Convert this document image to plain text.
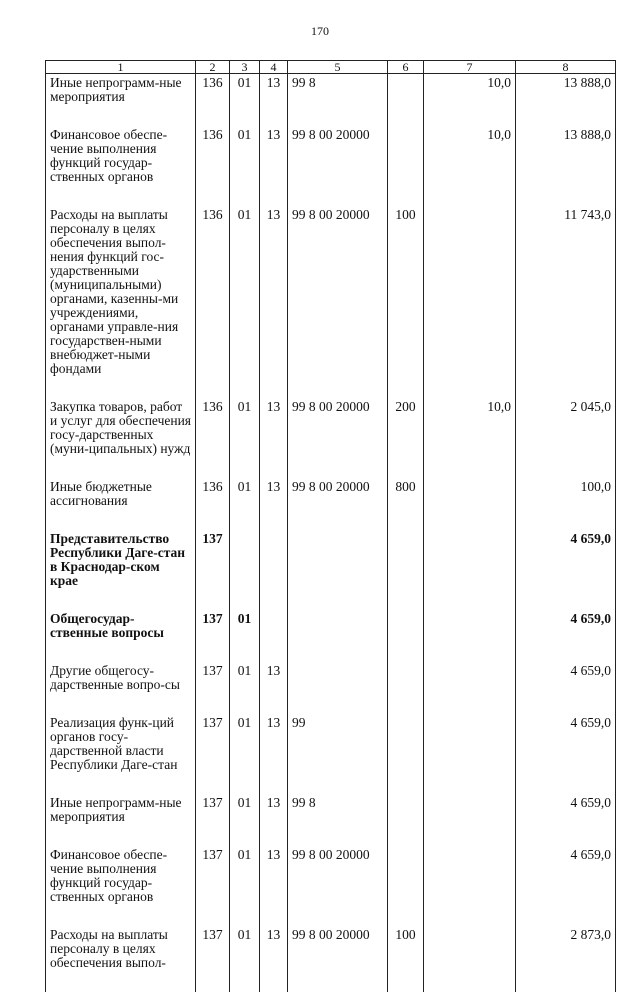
170
1	2	3	4	5	6	7	8
Иные непрограмм-ные мероприятия	136	01	13	99 8		10,0	13 888,0
Финансовое обеспе-чение выполнения функций государ-ственных органов	136	01	13	99 8 00 20000		10,0	13 888,0
Расходы на выплаты персоналу в целях обеспечения выпол-нения функций гос-ударственными (муниципальными) органами, казенны-ми учреждениями, органами управле-ния государствен-ными внебюджет-ными фондами	136	01	13	99 8 00 20000	100		11 743,0
Закупка товаров, работ и услуг для обеспечения госу-дарственных (муни-ципальных) нужд	136	01	13	99 8 00 20000	200	10,0	2 045,0
Иные бюджетные ассигнования	136	01	13	99 8 00 20000	800		100,0
Представительство Республики Даге-стан в Краснодар-ском крае	137						4 659,0
Общегосудар-ственные вопросы	137	01					4 659,0
Другие общегосу-дарственные вопро-сы	137	01	13				4 659,0
Реализация функ-ций органов госу-дарственной власти Республики Даге-стан	137	01	13	99			4 659,0
Иные непрограмм-ные мероприятия	137	01	13	99 8			4 659,0
Финансовое обеспе-чение выполнения функций государ-ственных органов	137	01	13	99 8 00 20000			4 659,0
Расходы на выплаты персоналу в целях обеспечения выпол-	137	01	13	99 8 00 20000	100		2 873,0
